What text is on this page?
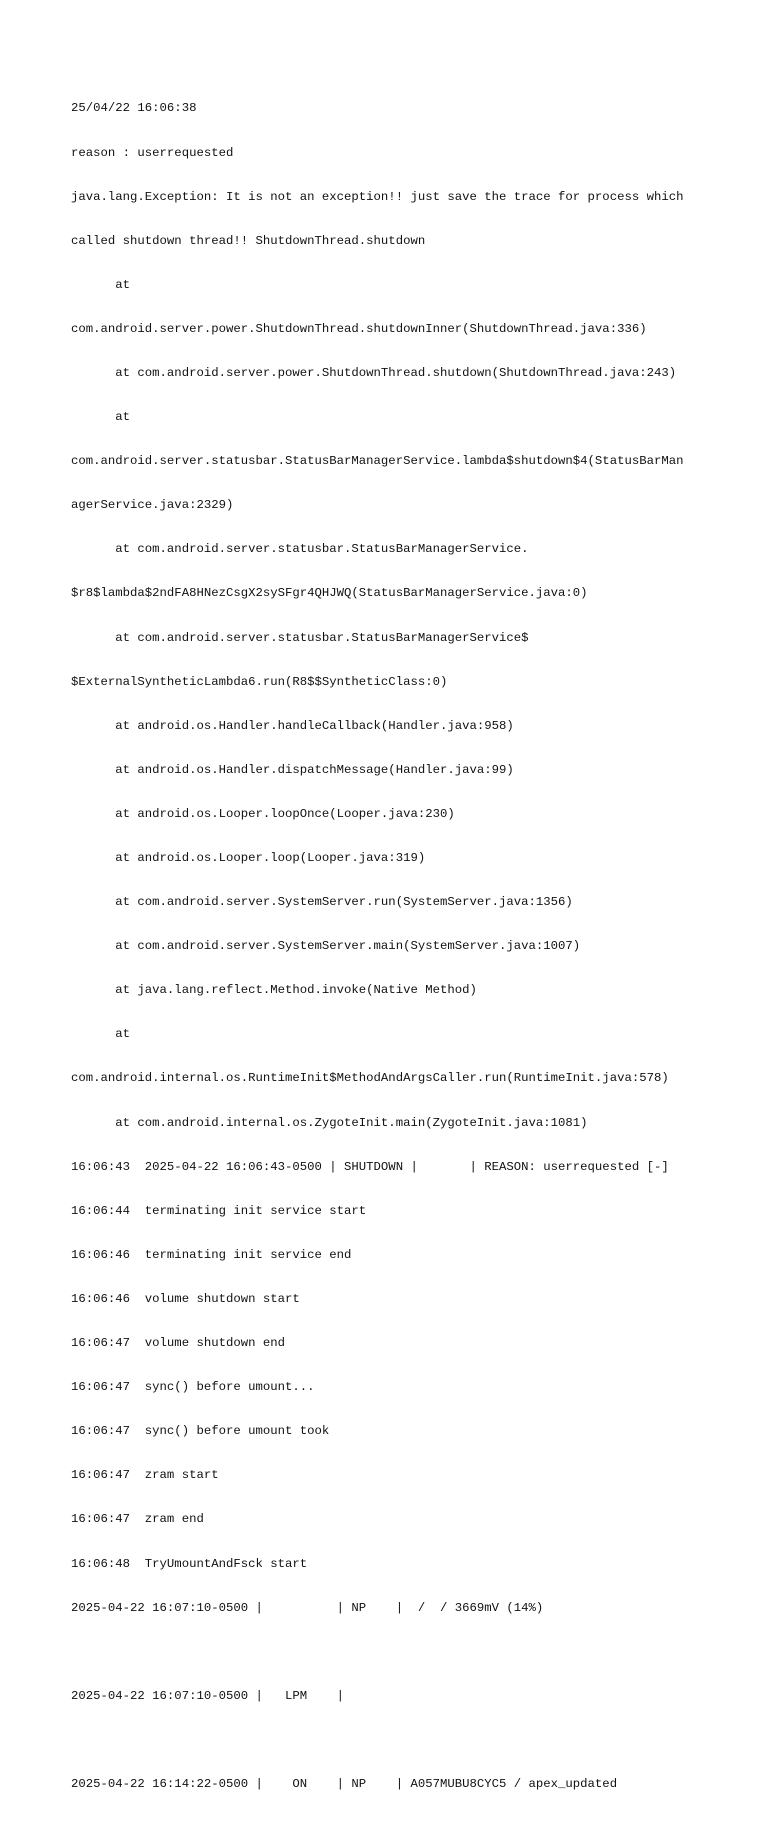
25/04/22 16:06:38

reason : userrequested

java.lang.Exception: It is not an exception!! just save the trace for process which

called shutdown thread!! ShutdownThread.shutdown

at

com.android.server.power.ShutdownThread.shutdownInner(ShutdownThread.java:336)

at com.android.server.power.ShutdownThread.shutdown(ShutdownThread.java:243)

at

com.android.server.statusbar.StatusBarManagerService.lambda$shutdown$4(StatusBarMan

agerService.java:2329)

at com.android.server.statusbar.StatusBarManagerService.

$r8$lambda$2ndFA8HNezCsgX2sySFgr4QHJWQ(StatusBarManagerService.java:0)

at com.android.server.statusbar.StatusBarManagerService$

$ExternalSyntheticLambda6.run(R8$$SyntheticClass:0)

at android.os.Handler.handleCallback(Handler.java:958)

at android.os.Handler.dispatchMessage(Handler.java:99)

at android.os.Looper.loopOnce(Looper.java:230)

at android.os.Looper.loop(Looper.java:319)

at com.android.server.SystemServer.run(SystemServer.java:1356)

at com.android.server.SystemServer.main(SystemServer.java:1007)

at java.lang.reflect.Method.invoke(Native Method)

at

com.android.internal.os.RuntimeInit$MethodAndArgsCaller.run(RuntimeInit.java:578)

at com.android.internal.os.ZygoteInit.main(ZygoteInit.java:1081)

16:06:43  2025-04-22 16:06:43-0500 | SHUTDOWN |       | REASON: userrequested [-]

16:06:44  terminating init service start

16:06:46  terminating init service end

16:06:46  volume shutdown start

16:06:47  volume shutdown end

16:06:47  sync() before umount...

16:06:47  sync() before umount took

16:06:47  zram start

16:06:47  zram end

16:06:48  TryUmountAndFsck start

2025-04-22 16:07:10-0500 |          | NP    |  /  / 3669mV (14%)

2025-04-22 16:07:10-0500 |   LPM    |

2025-04-22 16:14:22-0500 |    ON    | NP    | A057MUBU8CYC5 / apex_updated
